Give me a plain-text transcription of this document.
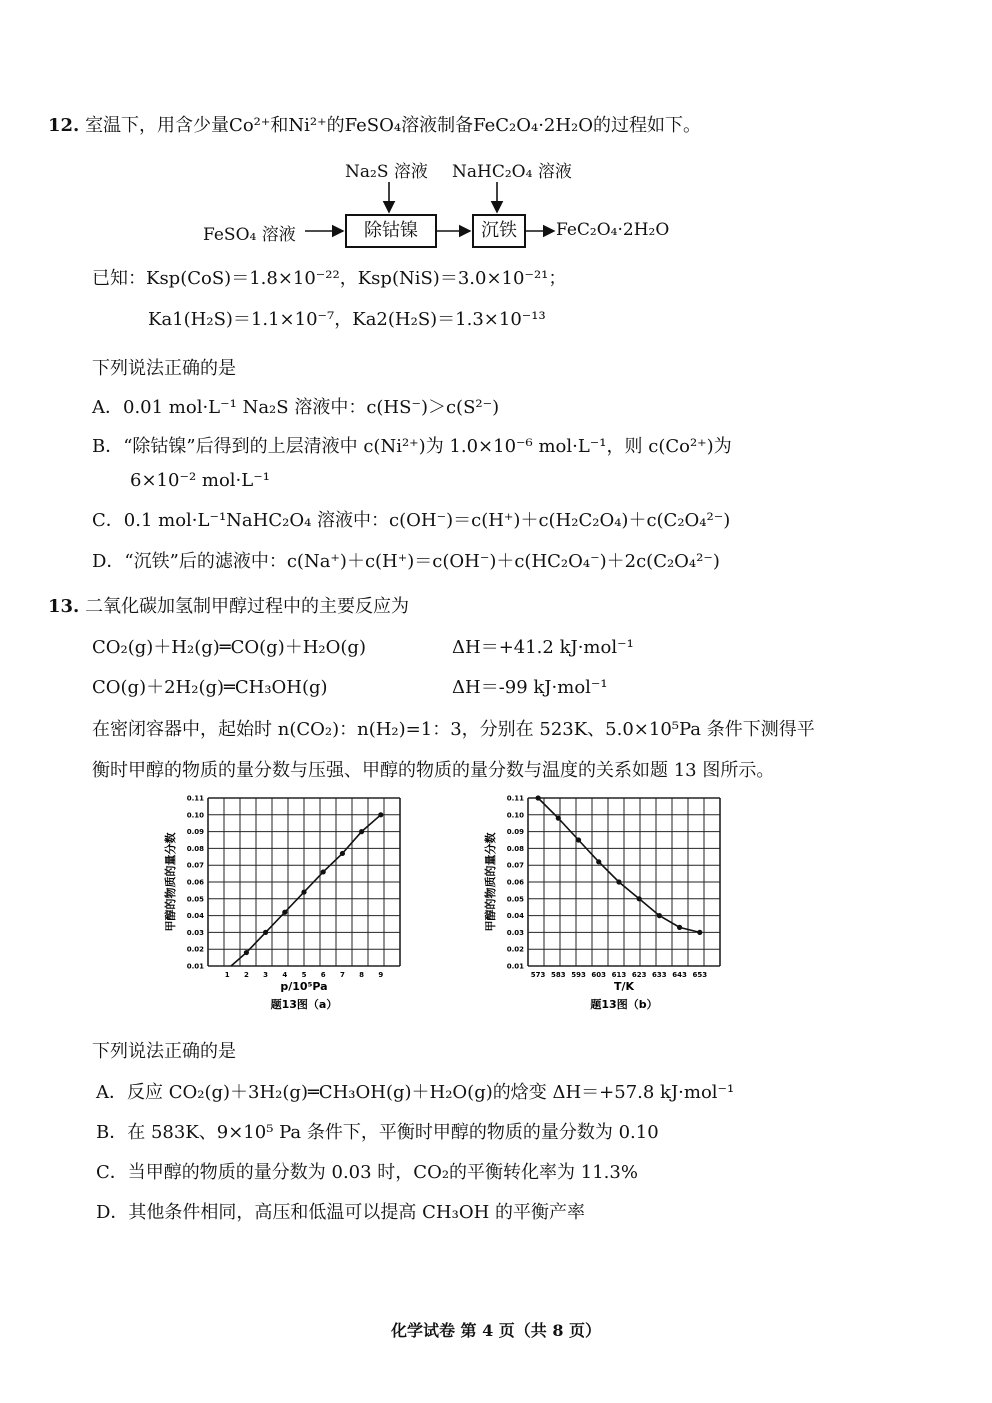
12. 室温下，用含少量Co²⁺和Ni²⁺的FeSO₄溶液制备FeC₂O₄·2H₂O的过程如下。
Na₂S 溶液 NaHC₂O₄ 溶液
FeSO₄ 溶液	除钴镍	沉铁	FeC₂O₄·2H₂O
已知：Ksp(CoS)＝1.8×10⁻²²，Ksp(NiS)＝3.0×10⁻²¹；
Ka1(H₂S)＝1.1×10⁻⁷，Ka2(H₂S)＝1.3×10⁻¹³
下列说法正确的是
A．0.01 mol·L⁻¹ Na₂S 溶液中：c(HS⁻)＞c(S²⁻)
B．“除钴镍”后得到的上层清液中 c(Ni²⁺)为 1.0×10⁻⁶ mol·L⁻¹，则 c(Co²⁺)为
6×10⁻² mol·L⁻¹
C．0.1 mol·L⁻¹NaHC₂O₄ 溶液中：c(OH⁻)＝c(H⁺)＋c(H₂C₂O₄)＋c(C₂O₄²⁻)
D．“沉铁”后的滤液中：c(Na⁺)＋c(H⁺)＝c(OH⁻)＋c(HC₂O₄⁻)＋2c(C₂O₄²⁻)
13. 二氧化碳加氢制甲醇过程中的主要反应为
CO₂(g)＋H₂(g)═CO(g)＋H₂O(g)	ΔH＝+41.2 kJ·mol⁻¹
CO(g)＋2H₂(g)═CH₃OH(g)	ΔH＝-99 kJ·mol⁻¹
在密闭容器中，起始时 n(CO₂)：n(H₂)=1：3，分别在 523K、5.0×10⁵Pa 条件下测得平
衡时甲醇的物质的量分数与压强、甲醇的物质的量分数与温度的关系如题 13 图所示。
0.01
0.02
0.03
0.04
0.05
0.06
0.07
0.08
0.09
0.10
0.11
1 2 3 4 5 6 7 8 9
p/10⁵Pa
题13图（a）
甲醇的物质的量分数
0.01
0.02
0.03
0.04
0.05
0.06
0.07
0.08
0.09
0.10
0.11
573 583 593 603 613 623 633 643 653
T/K
题13图（b）
甲醇的物质的量分数
下列说法正确的是
A．反应 CO₂(g)＋3H₂(g)═CH₃OH(g)＋H₂O(g)的焓变 ΔH＝+57.8 kJ·mol⁻¹
B．在 583K、9×10⁵ Pa 条件下，平衡时甲醇的物质的量分数为 0.10
C．当甲醇的物质的量分数为 0.03 时，CO₂的平衡转化率为 11.3%
D．其他条件相同，高压和低温可以提高 CH₃OH 的平衡产率
化学试卷 第 4 页（共 8 页）
